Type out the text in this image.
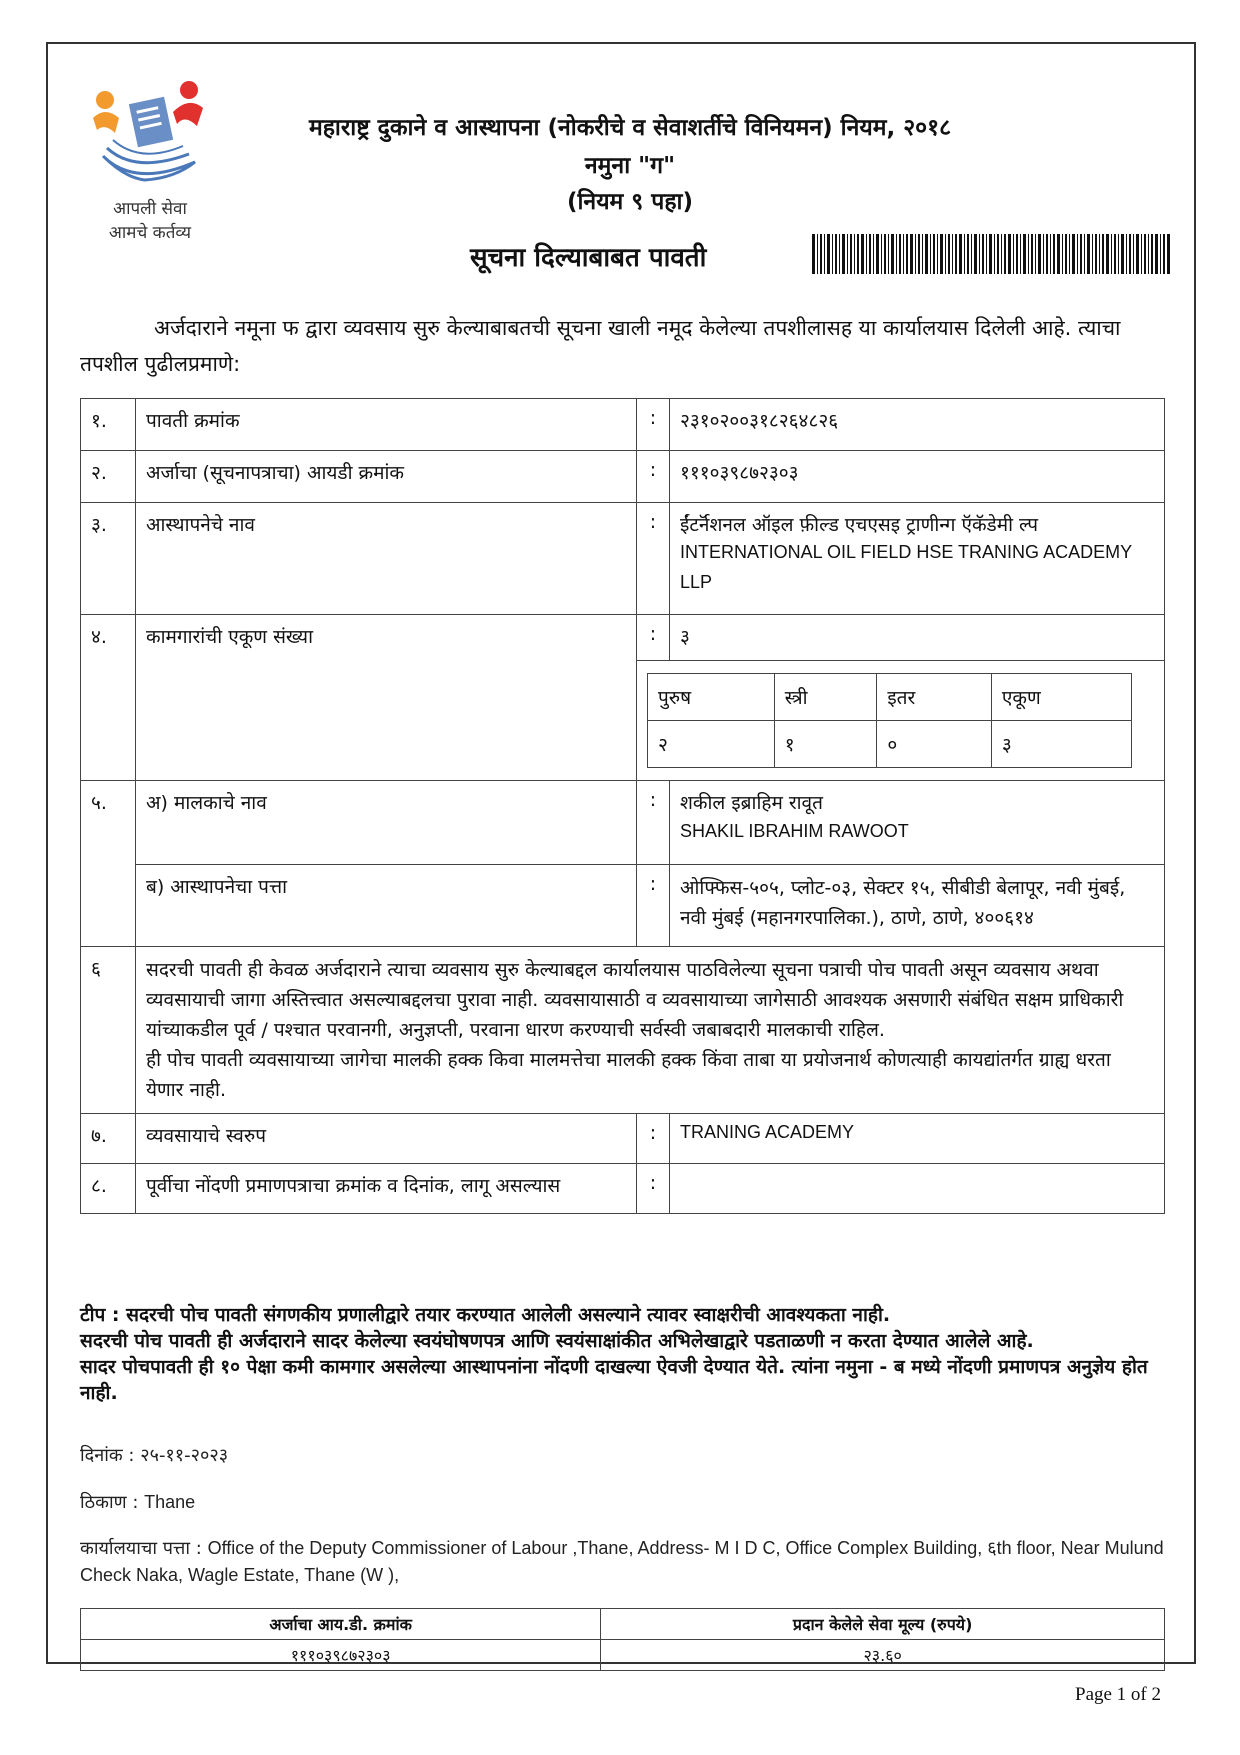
आपली सेवा
आमचे कर्तव्य
महाराष्ट्र दुकाने व आस्थापना (नोकरीचे व सेवाशर्तीचे विनियमन) नियम, २०१८
नमुना "ग"
(नियम ९ पहा)
सूचना दिल्याबाबत पावती
अर्जदाराने नमूना फ द्वारा व्यवसाय सुरु केल्याबाबतची सूचना खाली नमूद केलेल्या तपशीलासह या कार्यालयास दिलेली आहे. त्याचा तपशील पुढीलप्रमाणे:
१.	पावती क्रमांक	:	२३१०२००३१८२६४८२६
२.	अर्जाचा (सूचनापत्राचा) आयडी क्रमांक	:	१११०३९८७२३०३
३.	आस्थापनेचे नाव	:	ईंटर्नॅशनल ऑइल फ़ील्ड एचएसइ ट्राणीन्ग ऍकॅडेमी ल्प
INTERNATIONAL OIL FIELD HSE TRANING ACADEMY LLP

४.	कामगारांची एकूण संख्या	:	३

पुरुष	स्त्री	इतर	एकूण
२	१	०	३

५.	अ) मालकाचे नाव	:	शकील इब्राहिम रावूत
SHAKIL IBRAHIM RAWOOT

ब) आस्थापनेचा पत्ता	:	ओफ्फिस-५०५, प्लोट-०३, सेक्टर १५, सीबीडी बेलापूर, नवी मुंबई, नवी मुंबई (महानगरपालिका.), ठाणे, ठाणे, ४००६१४
६	सदरची पावती ही केवळ अर्जदाराने त्याचा व्यवसाय सुरु केल्याबद्दल कार्यालयास पाठविलेल्या सूचना पत्राची पोच पावती असून व्यवसाय अथवा व्यवसायाची जागा अस्तित्त्वात असल्याबद्दलचा पुरावा नाही. व्यवसायासाठी व व्यवसायाच्या जागेसाठी आवश्यक असणारी संबंधित सक्षम प्राधिकारी यांच्याकडील पूर्व / पश्चात परवानगी, अनुज्ञप्ती, परवाना धारण करण्याची सर्वस्वी जबाबदारी मालकाची राहिल.
ही पोच पावती व्यवसायाच्या जागेचा मालकी हक्क किवा मालमत्तेचा मालकी हक्क किंवा ताबा या प्रयोजनार्थ कोणत्याही कायद्यांतर्गत ग्राह्य धरता येणार नाही.

७.	व्यवसायाचे स्वरुप	:	TRANING ACADEMY
८.	पूर्वीचा नोंदणी प्रमाणपत्राचा क्रमांक व दिनांक, लागू असल्यास	:	
टीप : सदरची पोच पावती संगणकीय प्रणालीद्वारे तयार करण्यात आलेली असल्याने त्यावर स्वाक्षरीची आवश्यकता नाही.
सदरची पोच पावती ही अर्जदाराने सादर केलेल्या स्वयंघोषणपत्र आणि स्वयंसाक्षांकीत अभिलेखाद्वारे पडताळणी न करता देण्यात आलेले आहे.
सादर पोचपावती ही १० पेक्षा कमी कामगार असलेल्या आस्थापनांना नोंदणी दाखल्या ऐवजी देण्यात येते. त्यांना नमुना - ब मध्ये नोंदणी प्रमाणपत्र अनुज्ञेय होत नाही.
दिनांक : २५-११-२०२३
ठिकाण : Thane
कार्यालयाचा पत्ता : Office of the Deputy Commissioner of Labour ,Thane, Address- M I D C, Office Complex Building, ६th floor, Near Mulund Check Naka, Wagle Estate, Thane (W ),
अर्जाचा आय.डी. क्रमांक	प्रदान केलेले सेवा मूल्य (रुपये)
१११०३९८७२३०३	२३.६०
Page 1 of 2
